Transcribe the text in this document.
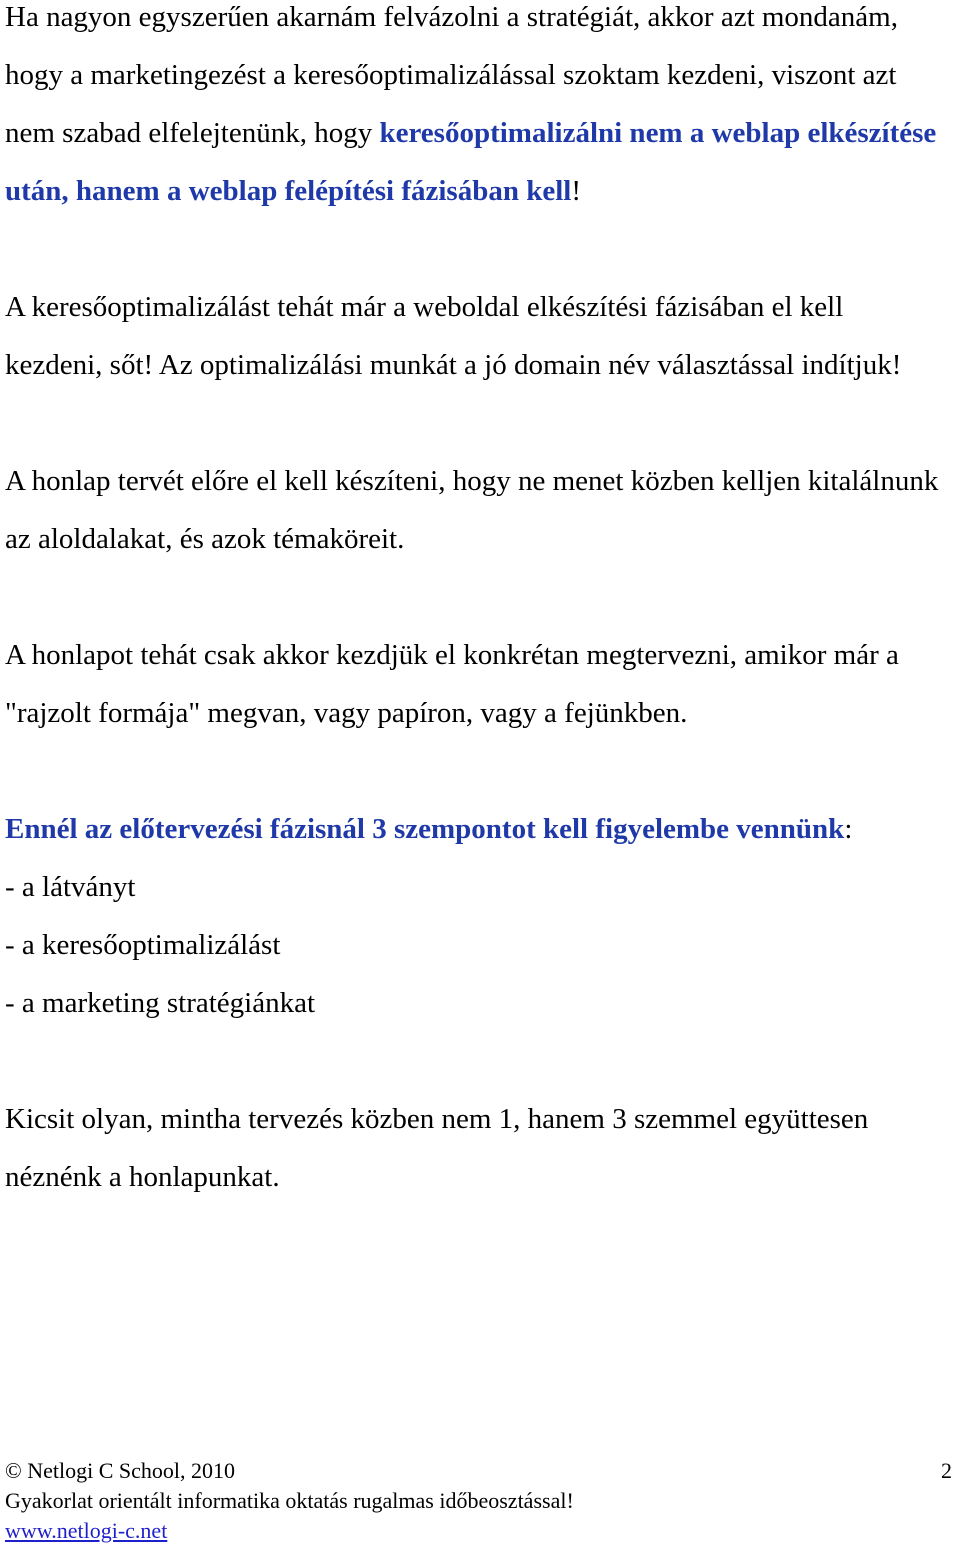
Ha nagyon egyszerűen akarnám felvázolni a stratégiát, akkor azt mondanám, hogy a marketingezést a keresőoptimalizálással szoktam kezdeni, viszont azt nem szabad elfelejtenünk, hogy keresőoptimalizálni nem a weblap elkészítése után, hanem a weblap felépítési fázisában kell!

A keresőoptimalizálást tehát már a weboldal elkészítési fázisában el kell kezdeni, sőt! Az optimalizálási munkát a jó domain név választással indítjuk!

A honlap tervét előre el kell készíteni, hogy ne menet közben kelljen kitalálnunk az aloldalakat, és azok témaköreit.

A honlapot tehát csak akkor kezdjük el konkrétan megtervezni, amikor már a "rajzolt formája" megvan, vagy papíron, vagy a fejünkben.

Ennél az előtervezési fázisnál 3 szempontot kell figyelembe vennünk:
- a látványt
- a keresőoptimalizálást
- a marketing stratégiánkat

Kicsit olyan, mintha tervezés közben nem 1, hanem 3 szemmel együttesen néznénk a honlapunkat.

© Netlogi C School, 2010	2
Gyakorlat orientált informatika oktatás rugalmas időbeosztással!
www.netlogi-c.net
